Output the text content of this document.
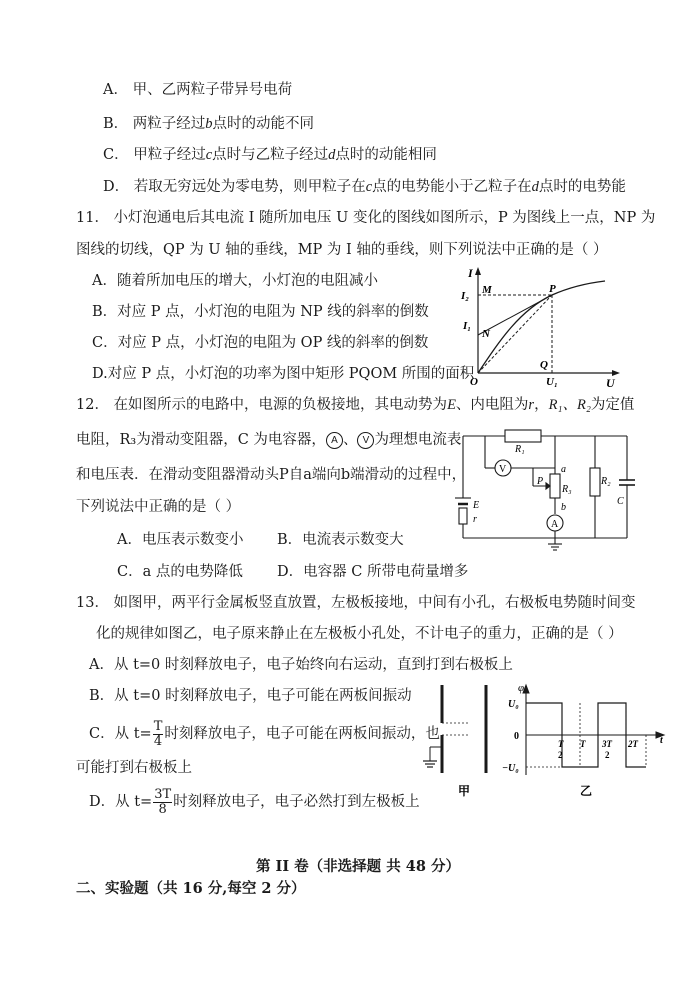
A． 甲、乙两粒子带异号电荷
B． 两粒子经过b点时的动能不同
C． 甲粒子经过c点时与乙粒子经过d点时的动能相同
D． 若取无穷远处为零电势，则甲粒子在c点的电势能小于乙粒子在d点时的电势能
11． 小灯泡通电后其电流 I 随所加电压 U 变化的图线如图所示，P 为图线上一点，NP 为
图线的切线，QP 为 U 轴的垂线，MP 为 I 轴的垂线，则下列说法中正确的是（ ）
A．随着所加电压的增大，小灯泡的电阻减小
B．对应 P 点，小灯泡的电阻为 NP 线的斜率的倒数
C．对应 P 点，小灯泡的电阻为 OP 线的斜率的倒数
D.对应 P 点，小灯泡的功率为图中矩形 PQOM 所围的面积
I
U
I₂
I₁
M
N
P
Q
O	U₁
12． 在如图所示的电路中，电源的负极接地，其电动势为E、内电阻为r，R₁、R₂为定值
电阻，R₃为滑动变阻器，C 为电容器， A 、 V 为理想电流表
和电压表．在滑动变阻器滑动头P自a端向b端滑动的过程中，
下列说法中正确的是（ ）
A．电压表示数变小 B．电流表示数变大
C．a 点的电势降低 D．电容器 C 所带电荷量增多
R₁
V	a
P
R₃
b
A
R₂
C
E
r
13． 如图甲，两平行金属板竖直放置，左极板接地，中间有小孔，右极板电势随时间变
化的规律如图乙，电子原来静止在左极板小孔处，不计电子的重力，正确的是（ ）
A．从 t=0 时刻释放电子，电子始终向右运动，直到打到右极板上
B．从 t=0 时刻释放电子，电子可能在两板间振动
C．从 $t= \frac{T}{4}$ 时刻释放电子，电子可能在两板间振动，也
可能打到右极板上
D．从 $t= \frac{3T}{8}$ 时刻释放电子，电子必然打到左极板上
甲
φ
U₀
0
−U₀
t
T
2
T 3T
2
2T
乙
第 II 卷（非选择题 共 48 分）
二、实验题（共 16 分,每空 2 分）
